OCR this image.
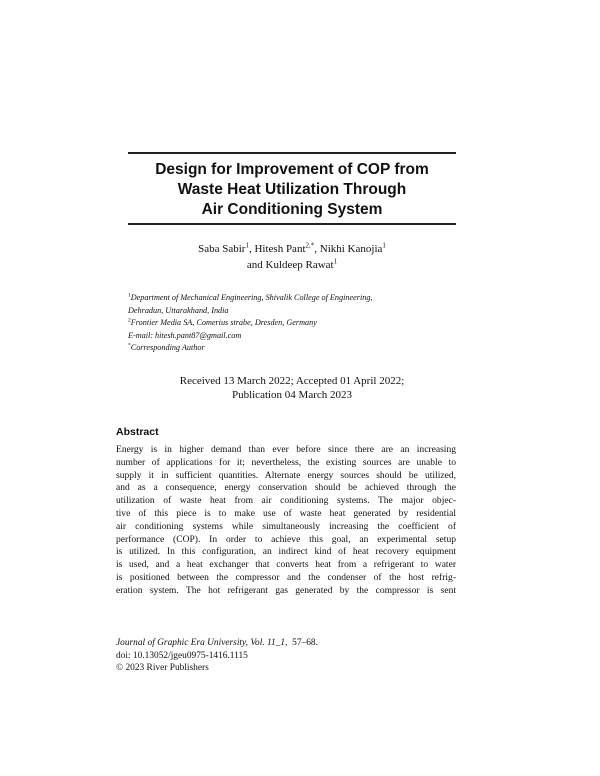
Design for Improvement of COP from
Waste Heat Utilization Through
Air Conditioning System
Saba Sabir$^1$, Hitesh Pant$^{2,*}$, Nikhi Kanojia$^1$
and Kuldeep Rawat$^1$
$^1$Department of Mechanical Engineering, Shivalik College of Engineering,
Dehradun, Uttarakhand, India
$^2$Frontier Media SA, Comerius strabe, Dresden, Germany
E-mail: hitesh.pant87@gmail.com
*Corresponding Author
Received 13 March 2022; Accepted 01 April 2022;
Publication 04 March 2023
Abstract
Energy is in higher demand than ever before since there are an increasing
number of applications for it; nevertheless, the existing sources are unable to
supply it in sufficient quantities. Alternate energy sources should be utilized,
and as a consequence, energy conservation should be achieved through the
utilization of waste heat from air conditioning systems. The major objec-
tive of this piece is to make use of waste heat generated by residential
air conditioning systems while simultaneously increasing the coefficient of
performance (COP). In order to achieve this goal, an experimental setup
is utilized. In this configuration, an indirect kind of heat recovery equipment
is used, and a heat exchanger that converts heat from a refrigerant to water
is positioned between the compressor and the condenser of the host refrig-
eration system. The hot refrigerant gas generated by the compressor is sent
Journal of Graphic Era University, Vol. 11_1, 57–68.
doi: 10.13052/jgeu0975-1416.1115
© 2023 River Publishers
